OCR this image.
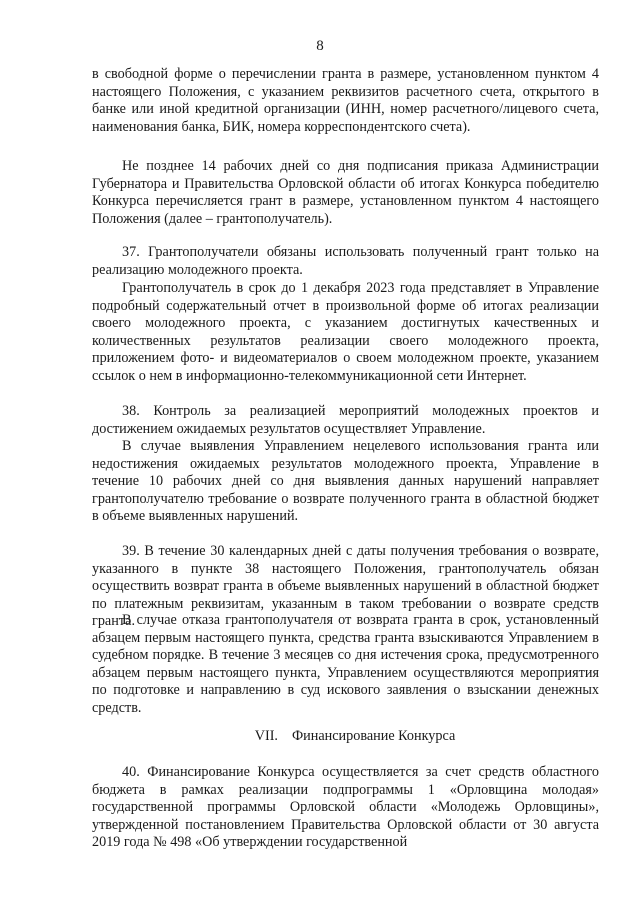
8

в свободной форме о перечислении гранта в размере, установленном пунктом 4 настоящего Положения, с указанием реквизитов расчетного счета, открытого в банке или иной кредитной организации (ИНН, номер расчетного/лицевого счета, наименования банка, БИК, номера корреспондентского счета).

Не позднее 14 рабочих дней со дня подписания приказа Администрации Губернатора и Правительства Орловской области об итогах Конкурса победителю Конкурса перечисляется грант в размере, установленном пунктом 4 настоящего Положения (далее – грантополучатель).

37. Грантополучатели обязаны использовать полученный грант только на реализацию молодежного проекта.

Грантополучатель в срок до 1 декабря 2023 года представляет в Управление подробный содержательный отчет в произвольной форме об итогах реализации своего молодежного проекта, с указанием достигнутых качественных и количественных результатов реализации своего молодежного проекта, приложением фото- и видеоматериалов о своем молодежном проекте, указанием ссылок о нем в информационно-телекоммуникационной сети Интернет.

38. Контроль за реализацией мероприятий молодежных проектов и достижением ожидаемых результатов осуществляет Управление.

В случае выявления Управлением нецелевого использования гранта или недостижения ожидаемых результатов молодежного проекта, Управление в течение 10 рабочих дней со дня выявления данных нарушений направляет грантополучателю требование о возврате полученного гранта в областной бюджет в объеме выявленных нарушений.

39. В течение 30 календарных дней с даты получения требования о возврате, указанного в пункте 38 настоящего Положения, грантополучатель обязан осуществить возврат гранта в объеме выявленных нарушений в областной бюджет по платежным реквизитам, указанным в таком требовании о возврате средств гранта.

В случае отказа грантополучателя от возврата гранта в срок, установленный абзацем первым настоящего пункта, средства гранта взыскиваются Управлением в судебном порядке. В течение 3 месяцев со дня истечения срока, предусмотренного абзацем первым настоящего пункта, Управлением осуществляются мероприятия по подготовке и направлению в суд искового заявления о взыскании денежных средств.

VII. Финансирование Конкурса

40. Финансирование Конкурса осуществляется за счет средств областного бюджета в рамках реализации подпрограммы 1 «Орловщина молодая» государственной программы Орловской области «Молодежь Орловщины», утвержденной постановлением Правительства Орловской области от 30 августа 2019 года № 498 «Об утверждении государственной
